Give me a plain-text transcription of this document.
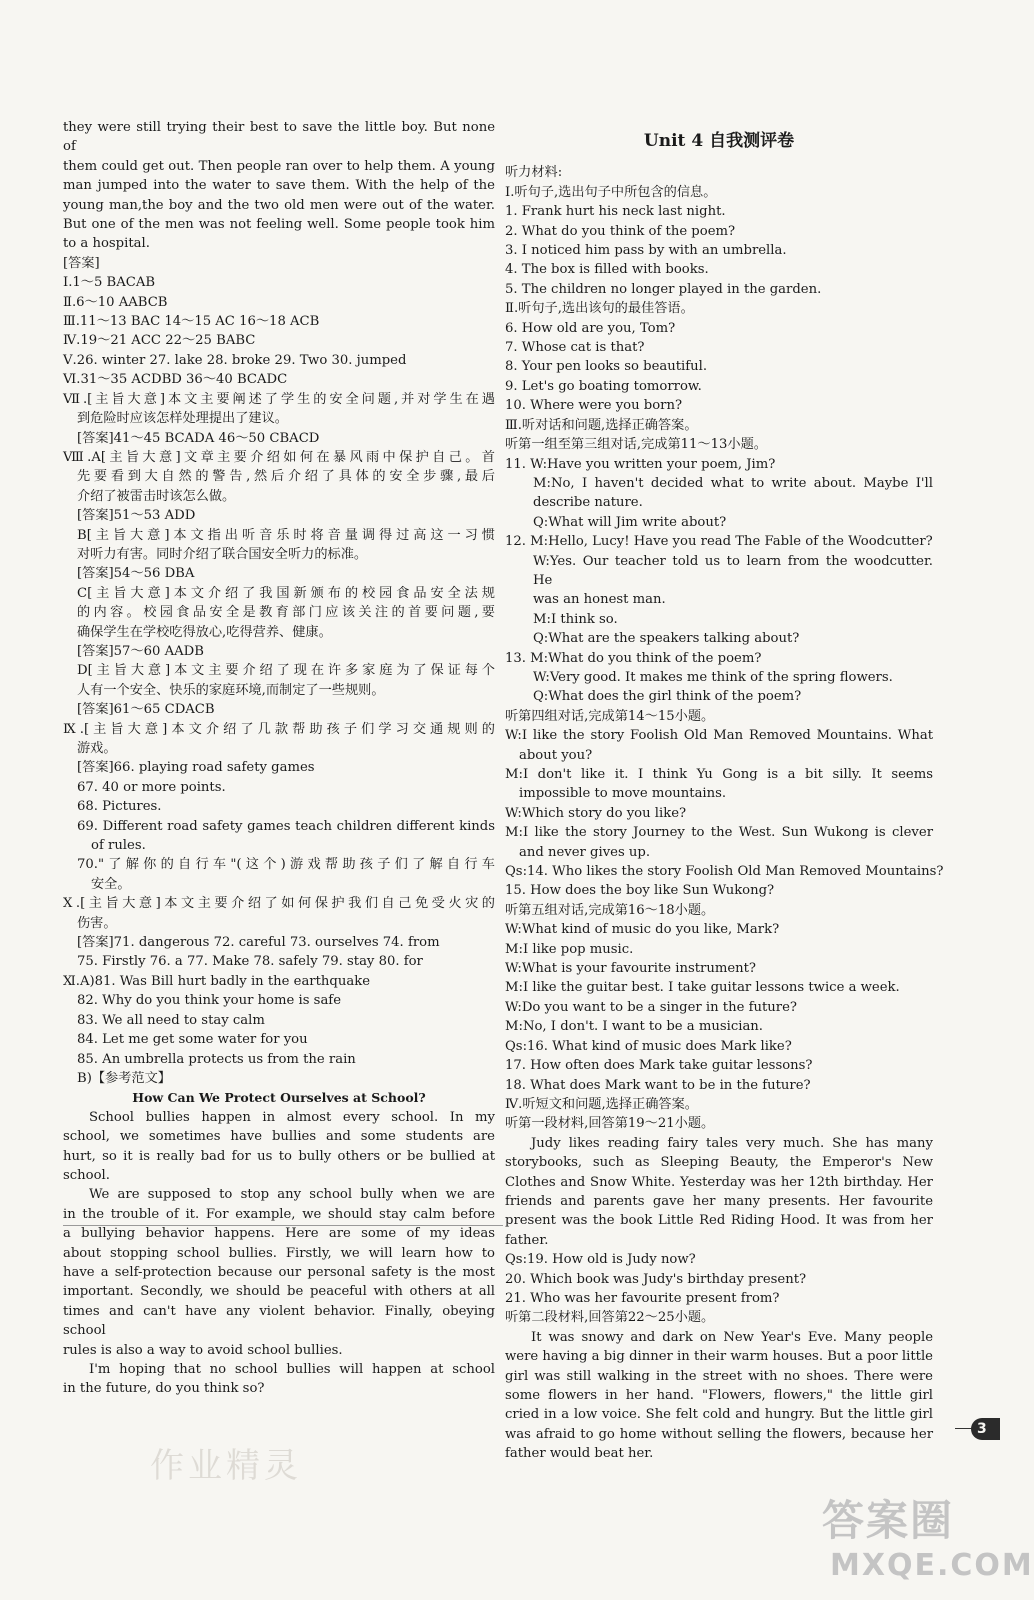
they were still trying their best to save the little boy. But none of
them could get out. Then people ran over to help them. A young
man jumped into the water to save them. With the help of the
young man,the boy and the two old men were out of the water.
But one of the men was not feeling well. Some people took him
to a hospital.
[答案]
Ⅰ.1～5 BACAB
Ⅱ.6～10 AABCB
Ⅲ.11～13 BAC 14～15 AC 16～18 ACB
Ⅳ.19～21 ACC 22～25 BABC
Ⅴ.26. winter 27. lake 28. broke 29. Two 30. jumped
Ⅵ.31～35 ACDBD 36～40 BCADC
Ⅶ.[主旨大意]本文主要阐述了学生的安全问题,并对学生在遇
到危险时应该怎样处理提出了建议。
[答案]41～45 BCADA 46～50 CBACD
Ⅷ.A[主旨大意]文章主要介绍如何在暴风雨中保护自己。首
先要看到大自然的警告,然后介绍了具体的安全步骤,最后
介绍了被雷击时该怎么做。
[答案]51～53 ADD
B[主旨大意]本文指出听音乐时将音量调得过高这一习惯
对听力有害。同时介绍了联合国安全听力的标准。
[答案]54～56 DBA
C[主旨大意]本文介绍了我国新颁布的校园食品安全法规
的内容。校园食品安全是教育部门应该关注的首要问题,要
确保学生在学校吃得放心,吃得营养、健康。
[答案]57～60 AADB
D[主旨大意]本文主要介绍了现在许多家庭为了保证每个
人有一个安全、快乐的家庭环境,而制定了一些规则。
[答案]61～65 CDACB
Ⅸ.[主旨大意]本文介绍了几款帮助孩子们学习交通规则的
游戏。
[答案]66. playing road safety games
67. 40 or more points.
68. Pictures.
69. Different road safety games teach children different kinds
of rules.
70."了解你的自行车"(这个)游戏帮助孩子们了解自行车
安全。
Ⅹ.[主旨大意]本文主要介绍了如何保护我们自己免受火灾的
伤害。
[答案]71. dangerous 72. careful 73. ourselves 74. from
75. Firstly 76. a 77. Make 78. safely 79. stay 80. for
Ⅺ.A)81. Was Bill hurt badly in the earthquake
82. Why do you think your home is safe
83. We all need to stay calm
84. Let me get some water for you
85. An umbrella protects us from the rain
B)【参考范文】
How Can We Protect Ourselves at School?
School bullies happen in almost every school. In my
school, we sometimes have bullies and some students are
hurt, so it is really bad for us to bully others or be bullied at
school.
We are supposed to stop any school bully when we are
in the trouble of it. For example, we should stay calm before
a bullying behavior happens. Here are some of my ideas
about stopping school bullies. Firstly, we will learn how to
have a self-protection because our personal safety is the most
important. Secondly, we should be peaceful with others at all
times and can't have any violent behavior. Finally, obeying school
rules is also a way to avoid school bullies.
I'm hoping that no school bullies will happen at school
in the future, do you think so?
Unit 4 自我测评卷
听力材料:
Ⅰ.听句子,选出句子中所包含的信息。
1. Frank hurt his neck last night.
2. What do you think of the poem?
3. I noticed him pass by with an umbrella.
4. The box is filled with books.
5. The children no longer played in the garden.
Ⅱ.听句子,选出该句的最佳答语。
6. How old are you, Tom?
7. Whose cat is that?
8. Your pen looks so beautiful.
9. Let's go boating tomorrow.
10. Where were you born?
Ⅲ.听对话和问题,选择正确答案。
听第一组至第三组对话,完成第11～13小题。
11. W:Have you written your poem, Jim?
M:No, I haven't decided what to write about. Maybe I'll
describe nature.
Q:What will Jim write about?
12. M:Hello, Lucy! Have you read The Fable of the Woodcutter?
W:Yes. Our teacher told us to learn from the woodcutter. He
was an honest man.
M:I think so.
Q:What are the speakers talking about?
13. M:What do you think of the poem?
W:Very good. It makes me think of the spring flowers.
Q:What does the girl think of the poem?
听第四组对话,完成第14～15小题。
W:I like the story Foolish Old Man Removed Mountains. What
about you?
M:I don't like it. I think Yu Gong is a bit silly. It seems
impossible to move mountains.
W:Which story do you like?
M:I like the story Journey to the West. Sun Wukong is clever
and never gives up.
Qs:14. Who likes the story Foolish Old Man Removed Mountains?
15. How does the boy like Sun Wukong?
听第五组对话,完成第16～18小题。
W:What kind of music do you like, Mark?
M:I like pop music.
W:What is your favourite instrument?
M:I like the guitar best. I take guitar lessons twice a week.
W:Do you want to be a singer in the future?
M:No, I don't. I want to be a musician.
Qs:16. What kind of music does Mark like?
17. How often does Mark take guitar lessons?
18. What does Mark want to be in the future?
Ⅳ.听短文和问题,选择正确答案。
听第一段材料,回答第19～21小题。
Judy likes reading fairy tales very much. She has many
storybooks, such as Sleeping Beauty, the Emperor's New
Clothes and Snow White. Yesterday was her 12th birthday. Her
friends and parents gave her many presents. Her favourite
present was the book Little Red Riding Hood. It was from her
father.
Qs:19. How old is Judy now?
20. Which book was Judy's birthday present?
21. Who was her favourite present from?
听第二段材料,回答第22～25小题。
It was snowy and dark on New Year's Eve. Many people
were having a big dinner in their warm houses. But a poor little
girl was still walking in the street with no shoes. There were
some flowers in her hand. "Flowers, flowers," the little girl
cried in a low voice. She felt cold and hungry. But the little girl
was afraid to go home without selling the flowers, because her
father would beat her.
作业精灵
3
答案圈
MXQE.COM
